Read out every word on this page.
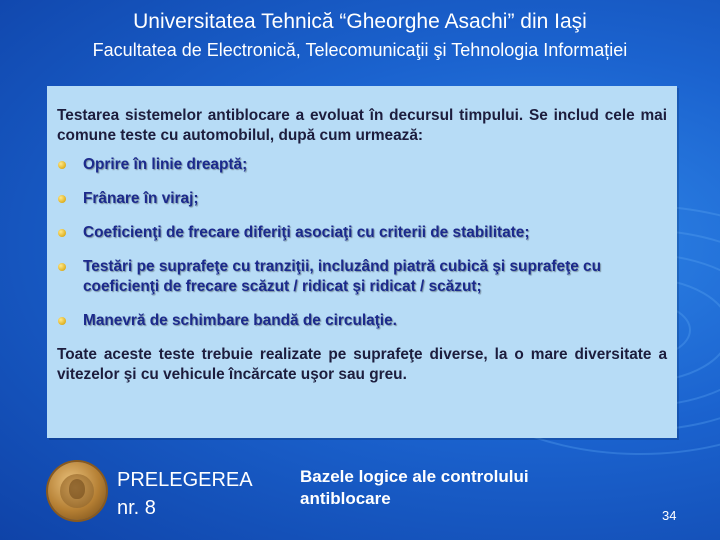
Universitatea Tehnică “Gheorghe Asachi” din Iaşi
Facultatea de Electronică, Telecomunicaţii şi Tehnologia Informației

Testarea sistemelor antiblocare a evoluat în decursul timpului. Se includ cele mai comune teste cu automobilul, după cum urmează:

Oprire în linie dreaptă;
Frânare în viraj;
Coeficienţi de frecare diferiţi asociaţi cu criterii de stabilitate;
Testări pe suprafeţe cu tranziţii, incluzând piatră cubică şi suprafeţe cu coeficienţi de frecare scăzut / ridicat şi ridicat / scăzut;
Manevră de schimbare bandă de circulaţie.

Toate aceste teste trebuie realizate pe suprafeţe diverse, la o mare diversitate a vitezelor şi cu vehicule încărcate uşor sau greu.

PRELEGEREA
nr. 8
Bazele logice ale controlului antiblocare
34
